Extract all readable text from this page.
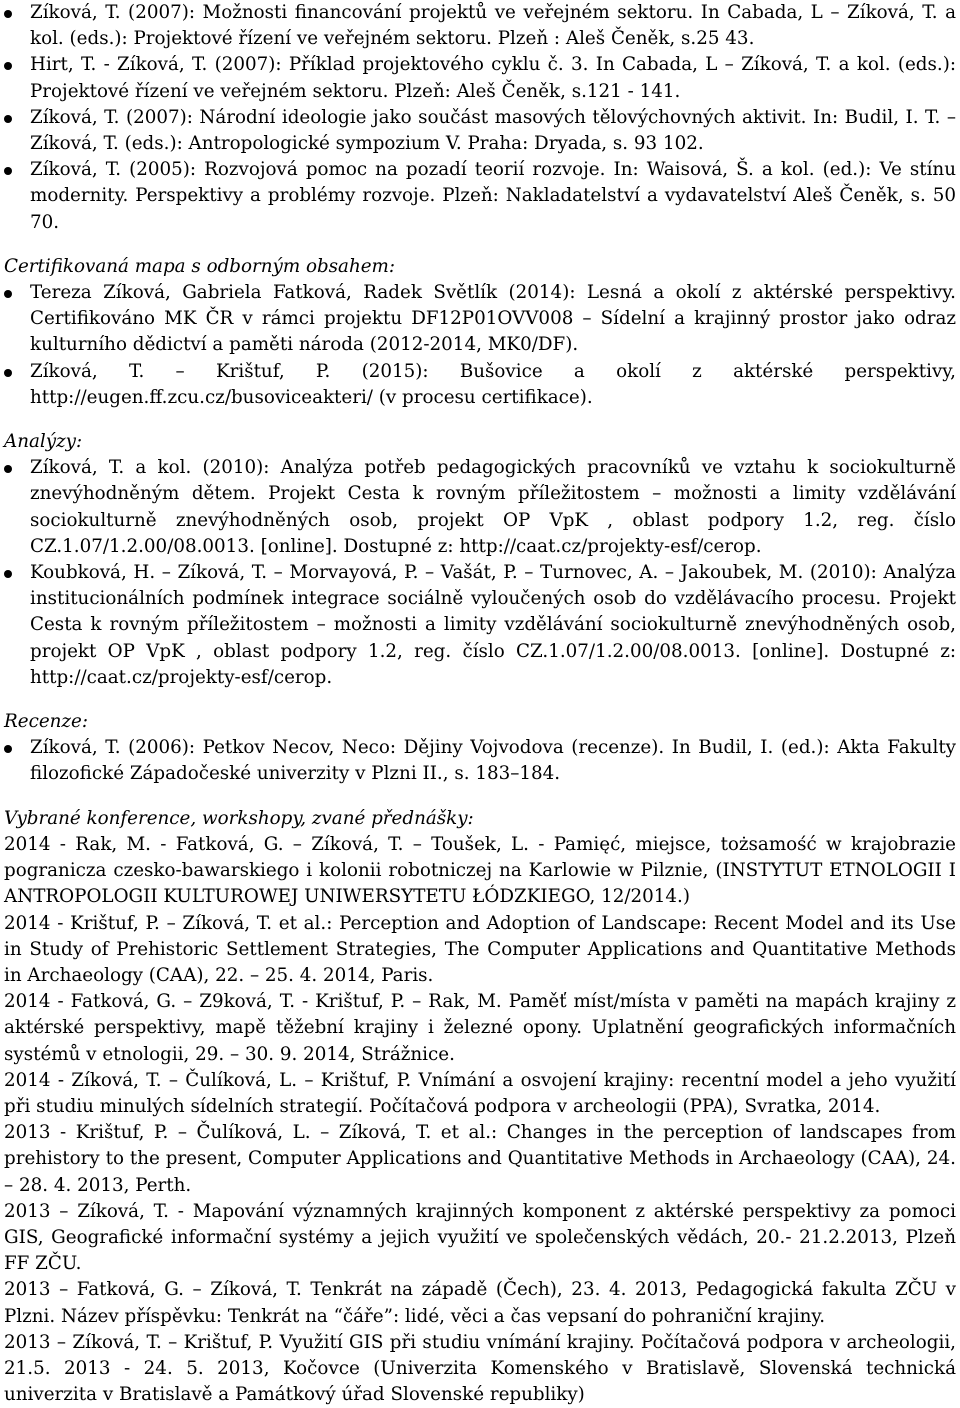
Zíková, T. (2007): Možnosti financování projektů ve veřejném sektoru. In Cabada, L – Zíková, T. a kol. (eds.): Projektové řízení ve veřejném sektoru. Plzeň : Aleš Čeněk, s.25 43.
Hirt, T. - Zíková, T. (2007): Příklad projektového cyklu č. 3. In Cabada, L – Zíková, T. a kol. (eds.): Projektové řízení ve veřejném sektoru. Plzeň: Aleš Čeněk, s.121 - 141.
Zíková, T. (2007): Národní ideologie jako součást masových tělovýchovných aktivit. In: Budil, I. T. – Zíková, T. (eds.): Antropologické sympozium V. Praha: Dryada, s. 93 102.
Zíková, T. (2005): Rozvojová pomoc na pozadí teorií rozvoje. In: Waisová, Š. a kol. (ed.): Ve stínu modernity. Perspektivy a problémy rozvoje. Plzeň: Nakladatelství a vydavatelství Aleš Čeněk, s. 50 70.

Certifikovaná mapa s odborným obsahem:

Tereza Zíková, Gabriela Fatková, Radek Světlík (2014): Lesná a okolí z aktérské perspektivy. Certifikováno MK ČR v rámci projektu DF12P01OVV008 – Sídelní a krajinný prostor jako odraz kulturního dědictví a paměti národa (2012-2014, MK0/DF).
Zíková, T. – Krištuf, P. (2015): Bušovice a okolí z aktérské perspektivy, http://eugen.ff.zcu.cz/busoviceakteri/ (v procesu certifikace).

Analýzy:

Zíková, T. a kol. (2010): Analýza potřeb pedagogických pracovníků ve vztahu k sociokulturně znevýhodněným dětem. Projekt Cesta k rovným příležitostem – možnosti a limity vzdělávání sociokulturně znevýhodněných osob, projekt OP VpK , oblast podpory 1.2, reg. číslo CZ.1.07/1.2.00/08.0013. [online]. Dostupné z: http://caat.cz/projekty-esf/cerop.
Koubková, H. – Zíková, T. – Morvayová, P. – Vašát, P. – Turnovec, A. – Jakoubek, M. (2010): Analýza institucionálních podmínek integrace sociálně vyloučených osob do vzdělávacího procesu. Projekt Cesta k rovným příležitostem – možnosti a limity vzdělávání sociokulturně znevýhodněných osob, projekt OP VpK , oblast podpory 1.2, reg. číslo CZ.1.07/1.2.00/08.0013. [online]. Dostupné z: http://caat.cz/projekty-esf/cerop.

Recenze:

Zíková, T. (2006): Petkov Necov, Neco: Dějiny Vojvodova (recenze). In Budil, I. (ed.): Akta Fakulty filozofické Západočeské univerzity v Plzni II., s. 183–184.

Vybrané konference, workshopy, zvané přednášky:

2014 - Rak, M. - Fatková, G. – Zíková, T. – Toušek, L. - Pamięć, miejsce, tożsamość w krajobrazie pogranicza czesko-bawarskiego i kolonii robotniczej na Karlowie w Pilznie, (INSTYTUT ETNOLOGII I ANTROPOLOGII KULTUROWEJ UNIWERSYTETU ŁÓDZKIEGO, 12/2014.)

2014 - Krištuf, P. – Zíková, T. et al.: Perception and Adoption of Landscape: Recent Model and its Use in Study of Prehistoric Settlement Strategies, The Computer Applications and Quantitative Methods in Archaeology (CAA), 22. – 25. 4. 2014, Paris.

2014 - Fatková, G. – Z9ková, T. - Krištuf, P. – Rak, M. Paměť míst/místa v paměti na mapách krajiny z aktérské perspektivy, mapě těžební krajiny i železné opony. Uplatnění geografických informačních systémů v etnologii, 29. – 30. 9. 2014, Strážnice.

2014 - Zíková, T. – Čulíková, L. – Krištuf, P. Vnímání a osvojení krajiny: recentní model a jeho využití při studiu minulých sídelních strategií. Počítačová podpora v archeologii (PPA), Svratka, 2014.

2013 - Krištuf, P. – Čulíková, L. – Zíková, T. et al.: Changes in the perception of landscapes from prehistory to the present, Computer Applications and Quantitative Methods in Archaeology (CAA), 24. – 28. 4. 2013, Perth.

2013 – Zíková, T. - Mapování významných krajinných komponent z aktérské perspektivy za pomoci GIS, Geografické informační systémy a jejich využití ve společenských vědách, 20.- 21.2.2013, Plzeň FF ZČU.

2013 – Fatková, G. – Zíková, T. Tenkrát na západě (Čech), 23. 4. 2013, Pedagogická fakulta ZČU v Plzni. Název příspěvku: Tenkrát na “čáře”: lidé, věci a čas vepsaní do pohraniční krajiny.

2013 – Zíková, T. – Krištuf, P. Využití GIS při studiu vnímání krajiny. Počítačová podpora v archeologii, 21.5. 2013 - 24. 5. 2013, Kočovce (Univerzita Komenského v Bratislavě, Slovenská technická univerzita v Bratislavě a Památkový úřad Slovenské republiky)
